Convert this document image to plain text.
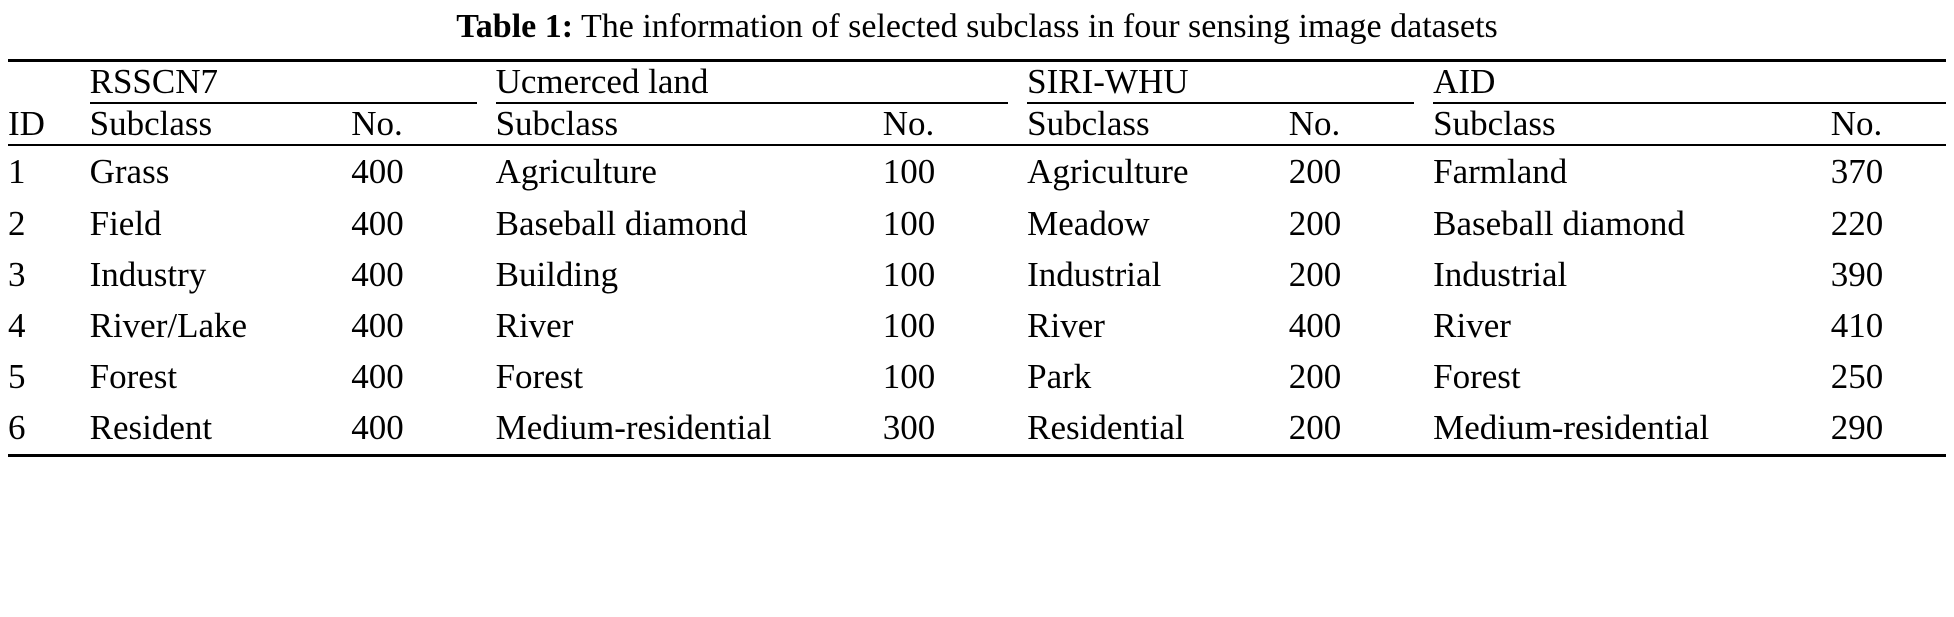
Table 1: The information of selected subclass in four sensing image datasets

	RSSCN7			Ucmerced land			SIRI-WHU			AID	
ID	Subclass	No.		Subclass	No.		Subclass	No.		Subclass	No.

1	Grass	400		Agriculture	100		Agriculture	200		Farmland	370
2	Field	400		Baseball diamond	100		Meadow	200		Baseball diamond	220
3	Industry	400		Building	100		Industrial	200		Industrial	390
4	River/Lake	400		River	100		River	400		River	410
5	Forest	400		Forest	100		Park	200		Forest	250
6	Resident	400		Medium-residential	300		Residential	200		Medium-residential	290
